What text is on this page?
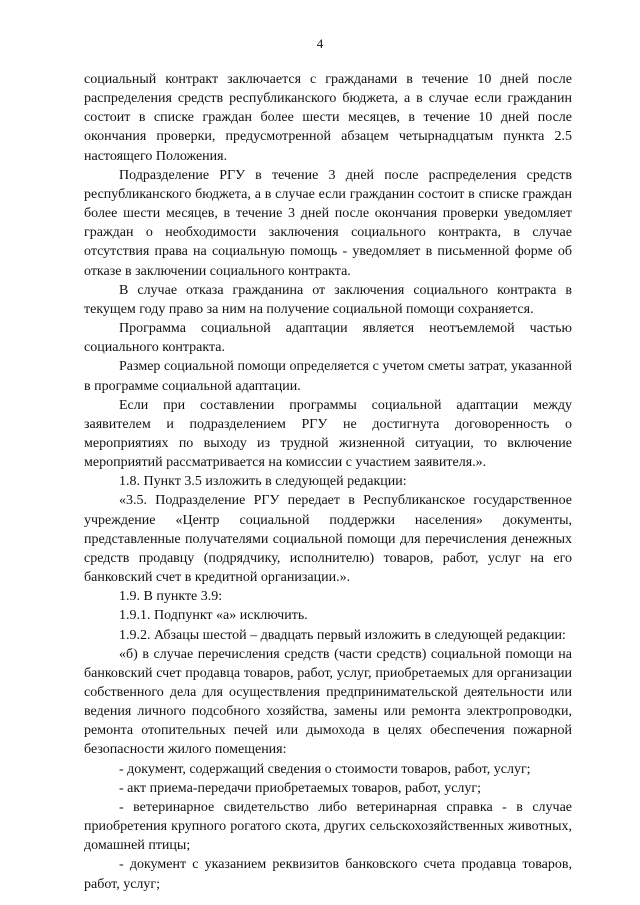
4

социальный контракт заключается с гражданами в течение 10 дней после распределения средств республиканского бюджета, а в случае если гражданин состоит в списке граждан более шести месяцев, в течение 10 дней после окончания проверки, предусмотренной абзацем четырнадцатым пункта 2.5 настоящего Положения.

Подразделение РГУ в течение 3 дней после распределения средств республиканского бюджета, а в случае если гражданин состоит в списке граждан более шести месяцев, в течение 3 дней после окончания проверки уведомляет граждан о необходимости заключения социального контракта, в случае отсутствия права на социальную помощь - уведомляет в письменной форме об отказе в заключении социального контракта.

В случае отказа гражданина от заключения социального контракта в текущем году право за ним на получение социальной помощи сохраняется.

Программа социальной адаптации является неотъемлемой частью социального контракта.

Размер социальной помощи определяется с учетом сметы затрат, указанной в программе социальной адаптации.

Если при составлении программы социальной адаптации между заявителем и подразделением РГУ не достигнута договоренность о мероприятиях по выходу из трудной жизненной ситуации, то включение мероприятий рассматривается на комиссии с участием заявителя.».

1.8. Пункт 3.5 изложить в следующей редакции:

«3.5. Подразделение РГУ передает в Республиканское государственное учреждение «Центр социальной поддержки населения» документы, представленные получателями социальной помощи для перечисления денежных средств продавцу (подрядчику, исполнителю) товаров, работ, услуг на его банковский счет в кредитной организации.».

1.9. В пункте 3.9:

1.9.1. Подпункт «а» исключить.

1.9.2. Абзацы шестой – двадцать первый изложить в следующей редакции:

«б) в случае перечисления средств (части средств) социальной помощи на банковский счет продавца товаров, работ, услуг, приобретаемых для организации собственного дела для осуществления предпринимательской деятельности или ведения личного подсобного хозяйства, замены или ремонта электропроводки, ремонта отопительных печей или дымохода в целях обеспечения пожарной безопасности жилого помещения:

- документ, содержащий сведения о стоимости товаров, работ, услуг;

- акт приема-передачи приобретаемых товаров, работ, услуг;

- ветеринарное свидетельство либо ветеринарная справка - в случае приобретения крупного рогатого скота, других сельскохозяйственных животных, домашней птицы;

- документ с указанием реквизитов банковского счета продавца товаров, работ, услуг;
